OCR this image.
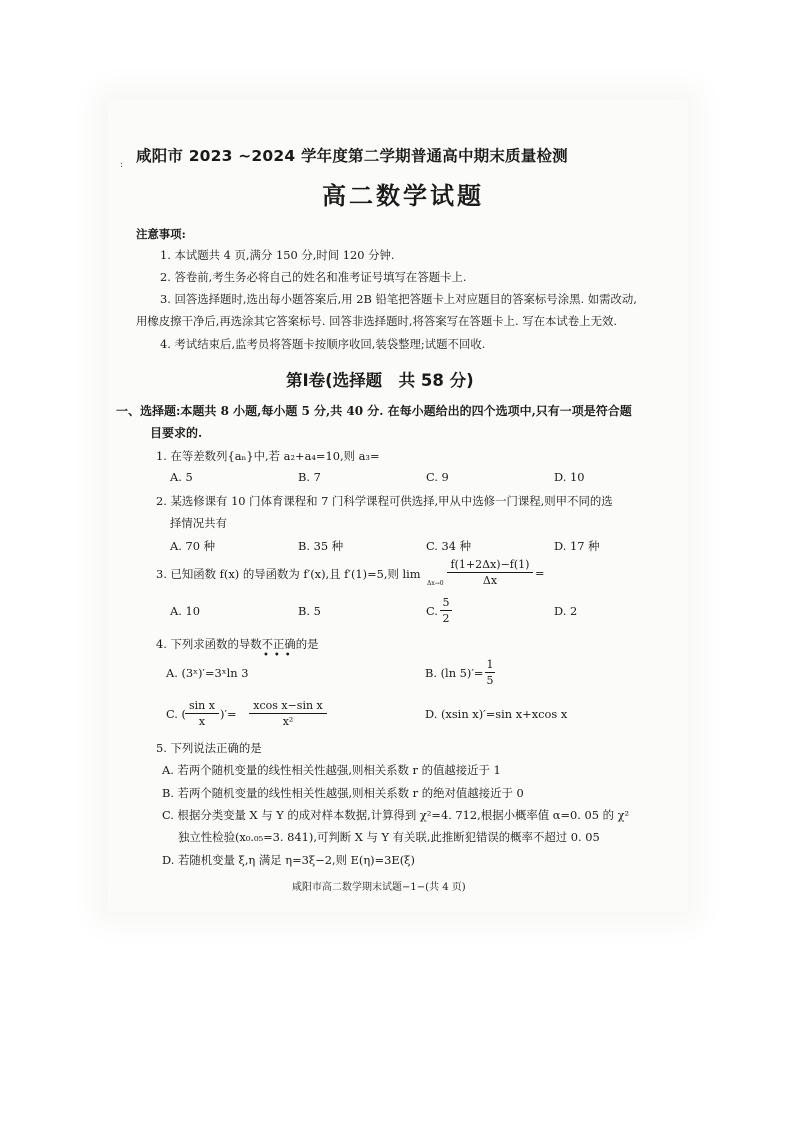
: 咸阳市 2023 ~2024 学年度第二学期普通高中期末质量检测
高二数学试题
注意事项:
1. 本试题共 4 页,满分 150 分,时间 120 分钟.
2. 答卷前,考生务必将自己的姓名和准考证号填写在答题卡上.
3. 回答选择题时,选出每小题答案后,用 2B 铅笔把答题卡上对应题目的答案标号涂黑. 如需改动,
用橡皮擦干净后,再选涂其它答案标号. 回答非选择题时,将答案写在答题卡上. 写在本试卷上无效.
4. 考试结束后,监考员将答题卡按顺序收回,装袋整理;试题不回收.
第Ⅰ卷(选择题　共 58 分)
一、选择题:本题共 8 小题,每小题 5 分,共 40 分. 在每小题给出的四个选项中,只有一项是符合题
目要求的.
1. 在等差数列{aₙ}中,若 a₂+a₄=10,则 a₃=
A. 5	B. 7	C. 9	D. 10
2. 某选修课有 10 门体育课程和 7 门科学课程可供选择,甲从中选修一门课程,则甲不同的选
择情况共有
A. 70 种	B. 35 种	C. 34 种	D. 17 种
3. 已知函数 f(x) 的导函数为 f′(x),且 f′(1)=5,则 lim
Δx→0
f(1+2Δx)−f(1)
Δx
=
A. 10	B. 5	C.
5
2
D. 2
4. 下列求函数的导数不正确的是
•••
A. (3ˣ)′=3ˣln 3	B. (ln 5)′=
1
5
C. (
sin x
x
)′=
xcos x−sin x
x²
D. (xsin x)′=sin x+xcos x
5. 下列说法正确的是
A. 若两个随机变量的线性相关性越强,则相关系数 r 的值越接近于 1
B. 若两个随机变量的线性相关性越强,则相关系数 r 的绝对值越接近于 0
C. 根据分类变量 X 与 Y 的成对样本数据,计算得到 χ²=4. 712,根据小概率值 α=0. 05 的 χ²
独立性检验(x₀.₀₅=3. 841),可判断 X 与 Y 有关联,此推断犯错误的概率不超过 0. 05
D. 若随机变量 ξ,η 满足 η=3ξ−2,则 E(η)=3E(ξ)
咸阳市高二数学期末试题−1−(共 4 页)
